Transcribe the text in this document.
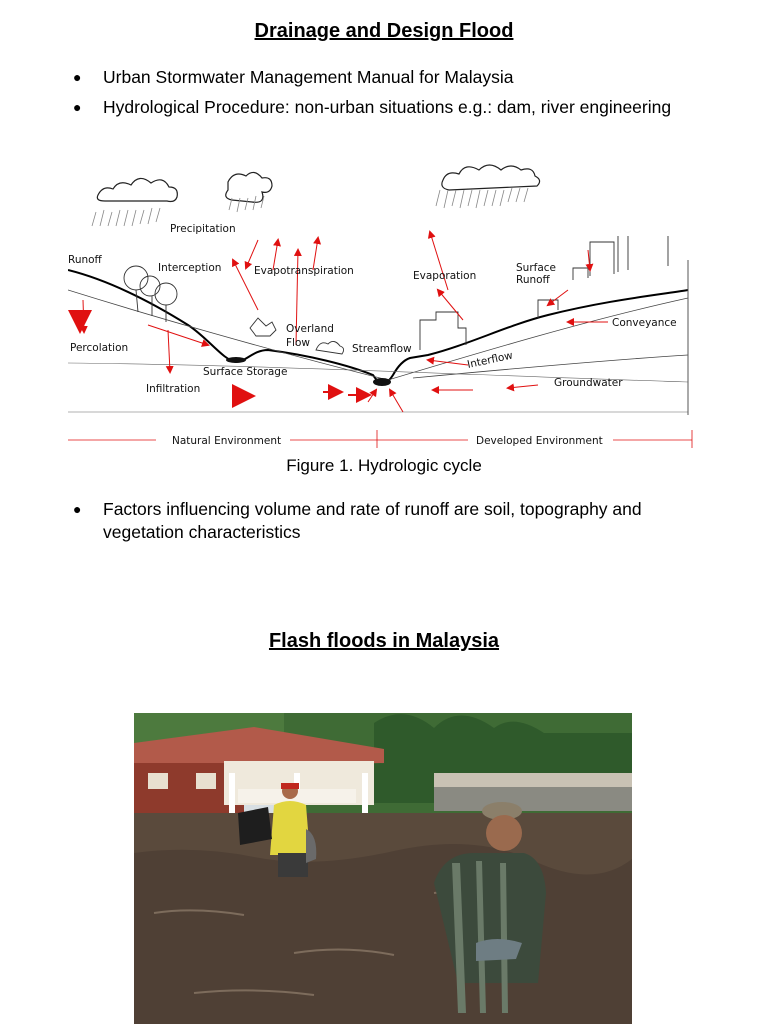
Drainage and Design Flood
● Urban Stormwater Management Manual for Malaysia
● Hydrological Procedure: non-urban situations e.g.: dam, river engineering
Precipitation
Runoff
Interception	Evapotranspiration	Evaporation
Surface
Runoff
Overland
Flow
Conveyance
Percolation	Streamflow
Interflow
Surface Storage
Infiltration	Groundwater
Natural Environment	Developed Environment
Figure 1. Hydrologic cycle
● Factors influencing volume and rate of runoff are soil, topography and vegetation characteristics
Flash floods in Malaysia
